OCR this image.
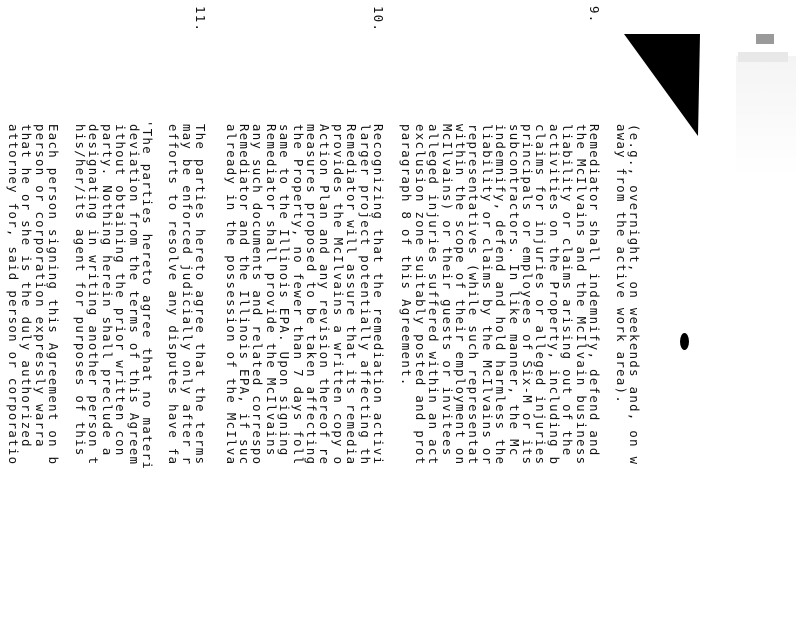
(e.g., overnight, on weekends and, on w
away from the active work area).
9.
Remediator shall indemnify, defend and
the McIlvains and the McIlvain business
liability or claims arising out of the
activities on the Property, including b
claims for injuries or alleged injuries
principals or employees of Six-M or its
subcontractors. In like manner, the Mc
indemnify, defend and hold harmless the
liability or claims by the McIlvains or
representatives (while such representat
within the scope of their employment on
McIlvains) or their guests or invitees
alleged injuries suffered within an act
exclusion zone suitably posted and prot
paragraph 8 of this Agreement.
10.
Recognizing that the remediation activi
larger project potentially affecting th
Remediator will assure that its remedia
provides the McIlvains a written copy o
Action Plan and any revision thereof re
measures proposed to be taken affecting
the Property, no fewer than 7 days foll
same to the Illinois EPA. Upon signing
Remediator shall provide the McIlvains
any such documents and related correspo
Remediator and the Illinois EPA, if suc
already in the possession of the McIlva
11.
The parties hereto agree that the terms
may be enforced judicially only after r
efforts to resolve any disputes have fa
'The parties hereto agree that no materi
deviation from the terms of this Agreem
ithout obtaining the prior written con
party. Nothing herein shall preclude a
designating in writing another person t
his/her/its agent for purposes of this
Each person signing this Agreement on b
person or corporation expressly warra
that he or she is the duly authorized
attorney for, said person or corporatio
